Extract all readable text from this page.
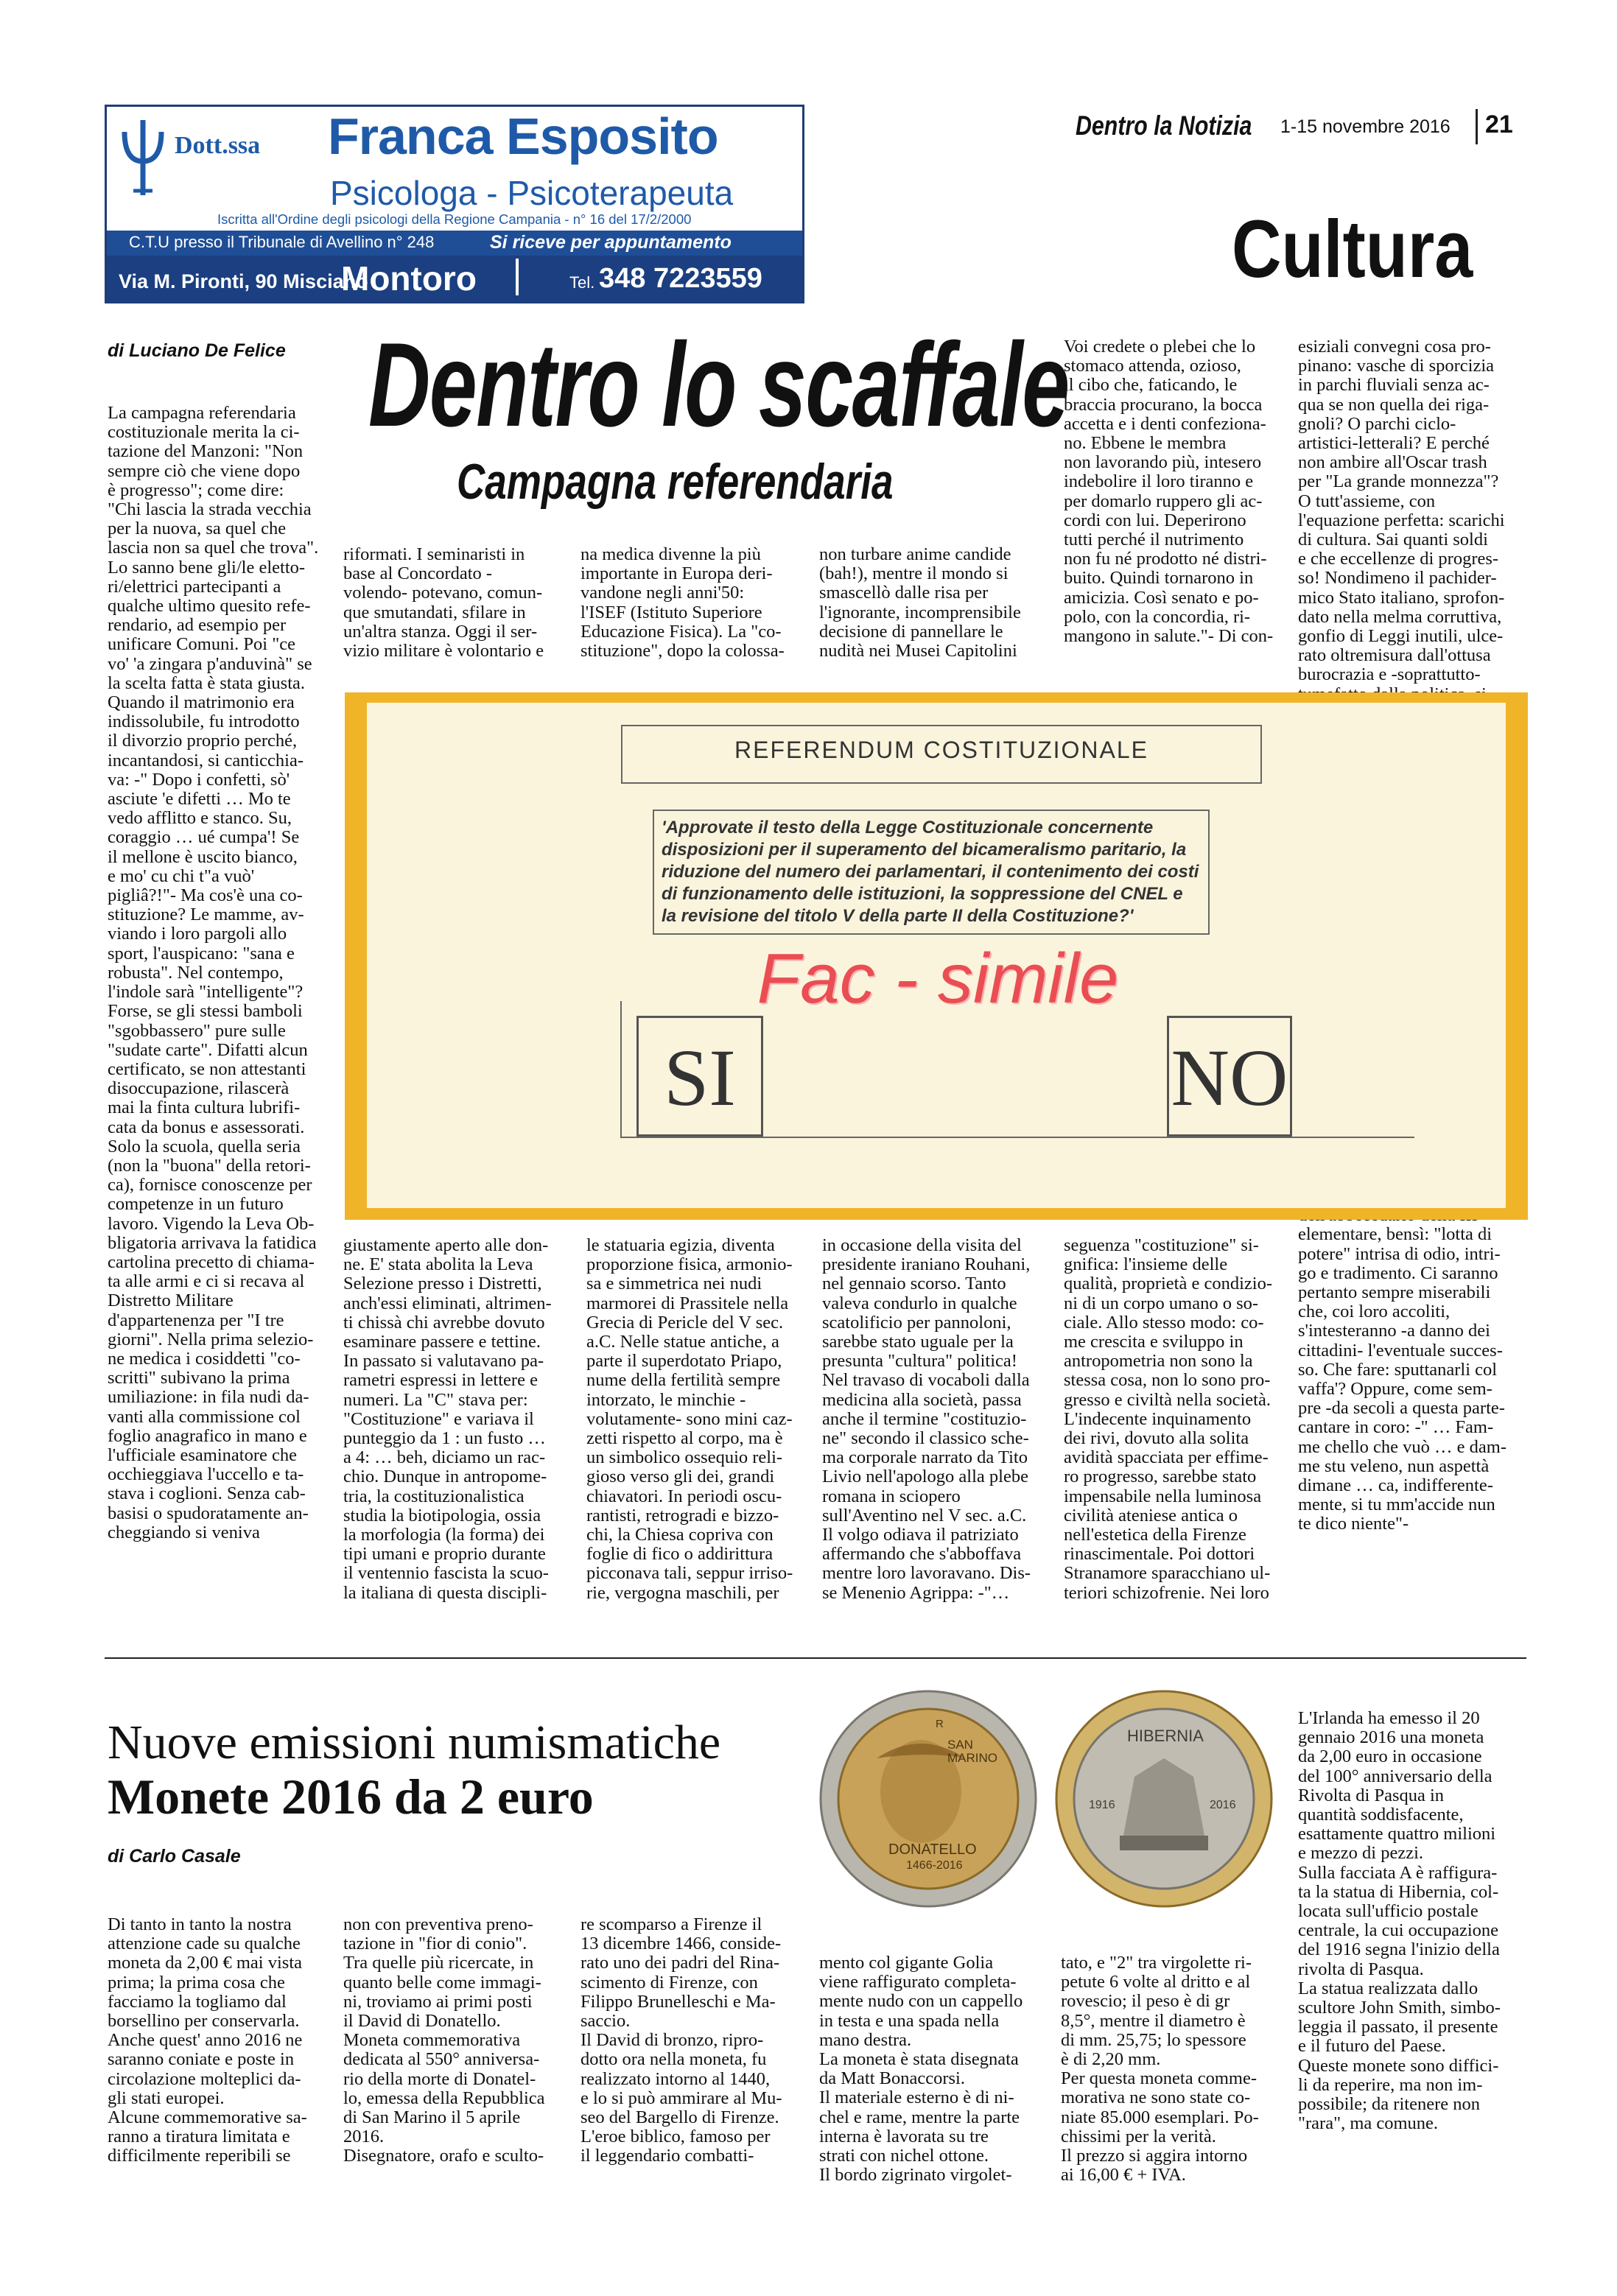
Dott.ssa Franca Esposito
Psicologa - Psicoterapeuta
Iscritta all'Ordine degli psicologi della Regione Campania - n° 16 del 17/2/2000
C.T.U presso il Tribunale di Avellino n° 248	Si riceve per appuntamento
Via M. Pironti, 90 Misciano
Montoro	Tel. 348 7223559
Dentro la Notizia 1-15 novembre 2016 21
Cultura
di Luciano De Felice Dentro lo scaffale
Campagna referendaria
La campagna referendaria
costituzionale merita la ci-
tazione del Manzoni: "Non
sempre ciò che viene dopo
è progresso"; come dire:
"Chi lascia la strada vecchia
per la nuova, sa quel che
lascia non sa quel che trova".
Lo sanno bene gli/le eletto-
ri/elettrici partecipanti a
qualche ultimo quesito refe-
rendario, ad esempio per
unificare Comuni. Poi "ce
vo' 'a zingara p'anduvinà" se
la scelta fatta è stata giusta.
Quando il matrimonio era
indissolubile, fu introdotto
il divorzio proprio perché,
incantandosi, si canticchia-
va: -" Dopo i confetti, sò'
asciute 'e difetti … Mo te
vedo afflitto e stanco. Su,
coraggio … ué cumpa'! Se
il mellone è uscito bianco,
e mo' cu chi t"a vuò'
pigliâ?!"- Ma cos'è una co-
stituzione? Le mamme, av-
viando i loro pargoli allo
sport, l'auspicano: "sana e
robusta". Nel contempo,
l'indole sarà "intelligente"?
Forse, se gli stessi bamboli
"sgobbassero" pure sulle
"sudate carte". Difatti alcun
certificato, se non attestanti
disoccupazione, rilascerà
mai la finta cultura lubrifi-
cata da bonus e assessorati.
Solo la scuola, quella seria
(non la "buona" della retori-
ca), fornisce conoscenze per
competenze in un futuro
lavoro. Vigendo la Leva Ob-
bligatoria arrivava la fatidica
cartolina precetto di chiama-
ta alle armi e ci si recava al
Distretto Militare
d'appartenenza per "I tre
giorni". Nella prima selezio-
ne medica i cosiddetti "co-
scritti" subivano la prima
umiliazione: in fila nudi da-
vanti alla commissione col
foglio anagrafico in mano e
l'ufficiale esaminatore che
occhieggiava l'uccello e ta-
stava i coglioni. Senza cab-
basisi o spudoratamente an-
cheggiando si veniva
riformati. I seminaristi in
base al Concordato -
volendo- potevano, comun-
que smutandati, sfilare in
un'altra stanza. Oggi il ser-
vizio militare è volontario e
na medica divenne la più
importante in Europa deri-
vandone negli anni'50:
l'ISEF (Istituto Superiore
Educazione Fisica). La "co-
stituzione", dopo la colossa-
non turbare anime candide
(bah!), mentre il mondo si
smascellò dalle risa per
l'ignorante, incomprensibile
decisione di pannellare le
nudità nei Musei Capitolini
Voi credete o plebei che lo
stomaco attenda, ozioso,
il cibo che, faticando, le
braccia procurano, la bocca
accetta e i denti confeziona-
no. Ebbene le membra
non lavorando più, intesero
indebolire il loro tiranno e
per domarlo ruppero gli ac-
cordi con lui. Deperirono
tutti perché il nutrimento
non fu né prodotto né distri-
buito. Quindi tornarono in
amicizia. Così senato e po-
polo, con la concordia, ri-
mangono in salute."- Di con-
esiziali convegni cosa pro-
pinano: vasche di sporcizia
in parchi fluviali senza ac-
qua se non quella dei riga-
gnoli? O parchi ciclo-
artistici-letterali? E perché
non ambire all'Oscar trash
per "La grande monnezza"?
O tutt'assieme, con
l'equazione perfetta: scarichi
di cultura. Sai quanti soldi
e che eccellenze di progres-
so! Nondimeno il pachider-
mico Stato italiano, sprofon-
dato nella melma corruttiva,
gonfio di Leggi inutili, ulce-
rato oltremisura dall'ottusa
burocrazia e -soprattutto-

elementare, bensì: "lotta di
potere" intrisa di odio, intri-
go e tradimento. Ci saranno
pertanto sempre miserabili
che, coi loro accoliti,
s'intesteranno -a danno dei
cittadini- l'eventuale succes-
so. Che fare: sputtanarli col
vaffa'? Oppure, come sem-
pre -da secoli a questa parte-
cantare in coro: -" … Fam-
me chello che vuò … e dam-
me stu veleno, nun aspettà
dimane … ca, indifferente-
mente, si tu mm'accide nun
te dico niente"-
REFERENDUM COSTITUZIONALE
'Approvate il testo della Legge Costituzionale concernente disposizioni per il superamento del bicameralismo paritario, la riduzione del numero dei parlamentari, il contenimento dei costi di funzionamento delle istituzioni, la soppressione del CNEL e la revisione del titolo V della parte II della Costituzione?'
Fac - simile
SI	NO
giustamente aperto alle don-
ne. E' stata abolita la Leva
Selezione presso i Distretti,
anch'essi eliminati, altrimen-
ti chissà chi avrebbe dovuto
esaminare passere e tettine.
In passato si valutavano pa-
rametri espressi in lettere e
numeri. La "C" stava per:
"Costituzione" e variava il
punteggio da 1 : un fusto …
a 4: … beh, diciamo un rac-
chio. Dunque in antropome-
tria, la costituzionalistica
studia la biotipologia, ossia
la morfologia (la forma) dei
tipi umani e proprio durante
il ventennio fascista la scuo-
la italiana di questa discipli-
le statuaria egizia, diventa
proporzione fisica, armonio-
sa e simmetrica nei nudi
marmorei di Prassitele nella
Grecia di Pericle del V sec.
a.C. Nelle statue antiche, a
parte il superdotato Priapo,
nume della fertilità sempre
intorzato, le minchie -
volutamente- sono mini caz-
zetti rispetto al corpo, ma è
un simbolico ossequio reli-
gioso verso gli dei, grandi
chiavatori. In periodi oscu-
rantisti, retrogradi e bizzo-
chi, la Chiesa copriva con
foglie di fico o addirittura
picconava tali, seppur irriso-
rie, vergogna maschili, per
in occasione della visita del
presidente iraniano Rouhani,
nel gennaio scorso. Tanto
valeva condurlo in qualche
scatolificio per pannoloni,
sarebbe stato uguale per la
presunta "cultura" politica!
Nel travaso di vocaboli dalla
medicina alla società, passa
anche il termine "costituzio-
ne" secondo il classico sche-
ma corporale narrato da Tito
Livio nell'apologo alla plebe
romana in sciopero
sull'Aventino nel V sec. a.C.
Il volgo odiava il patriziato
affermando che s'abboffava
mentre loro lavoravano. Dis-
se Menenio Agrippa: -"…
seguenza "costituzione" si-
gnifica: l'insieme delle
qualità, proprietà e condizio-
ni di un corpo umano o so-
ciale. Allo stesso modo: co-
me crescita e sviluppo in
antropometria non sono la
stessa cosa, non lo sono pro-
gresso e civiltà nella società.
L'indecente inquinamento
dei rivi, dovuto alla solita
avidità spacciata per effime-
ro progresso, sarebbe stato
impensabile nella luminosa
civilità ateniese antica o
nell'estetica della Firenze
rinascimentale. Poi dottori
Stranamore sparacchiano ul-
teriori schizofrenie. Nei loro
Nuove emissioni numismatiche
Monete 2016 da 2 euro
di Carlo Casale
SAN MARINO
R
DONATELLO
1466-2016
HIBERNIA
1916	2016
Di tanto in tanto la nostra
attenzione cade su qualche
moneta da 2,00 € mai vista
prima; la prima cosa che
facciamo la togliamo dal
borsellino per conservarla.
Anche quest' anno 2016 ne
saranno coniate e poste in
circolazione molteplici da-
gli stati europei.
Alcune commemorative sa-
ranno a tiratura limitata e
difficilmente reperibili se
non con preventiva preno-
tazione in "fior di conio".
Tra quelle più ricercate, in
quanto belle come immagi-
ni, troviamo ai primi posti
il David di Donatello.
Moneta commemorativa
dedicata al 550° anniversa-
rio della morte di Donatel-
lo, emessa della Repubblica
di San Marino il 5 aprile
2016.
Disegnatore, orafo e sculto-
re scomparso a Firenze il
13 dicembre 1466, conside-
rato uno dei padri del Rina-
scimento di Firenze, con
Filippo Brunelleschi e Ma-
saccio.
Il David di bronzo, ripro-
dotto ora nella moneta, fu
realizzato intorno al 1440,
e lo si può ammirare al Mu-
seo del Bargello di Firenze.
L'eroe biblico, famoso per
il leggendario combatti-
mento col gigante Golia
viene raffigurato completa-
mente nudo con un cappello
in testa e una spada nella
mano destra.
La moneta è stata disegnata
da Matt Bonaccorsi.
Il materiale esterno è di ni-
chel e rame, mentre la parte
interna è lavorata su tre
strati con nichel ottone.
Il bordo zigrinato virgolet-
tato, e "2" tra virgolette ri-
petute 6 volte al dritto e al
rovescio; il peso è di gr
8,5°, mentre il diametro è
di mm. 25,75; lo spessore
è di 2,20 mm.
Per questa moneta comme-
morativa ne sono state co-
niate 85.000 esemplari. Po-
chissimi per la verità.
Il prezzo si aggira intorno
ai 16,00 € + IVA.
L'Irlanda ha emesso il 20
gennaio 2016 una moneta
da 2,00 euro in occasione
del 100° anniversario della
Rivolta di Pasqua in
quantità soddisfacente,
esattamente quattro milioni
e mezzo di pezzi.
Sulla facciata A è raffigura-
ta la statua di Hibernia, col-
locata sull'ufficio postale
centrale, la cui occupazione
del 1916 segna l'inizio della
rivolta di Pasqua.
La statua realizzata dallo
scultore John Smith, simbo-
leggia il passato, il presente
e il futuro del Paese.
Queste monete sono diffici-
li da reperire, ma non im-
possibile; da ritenere non
"rara", ma comune.
